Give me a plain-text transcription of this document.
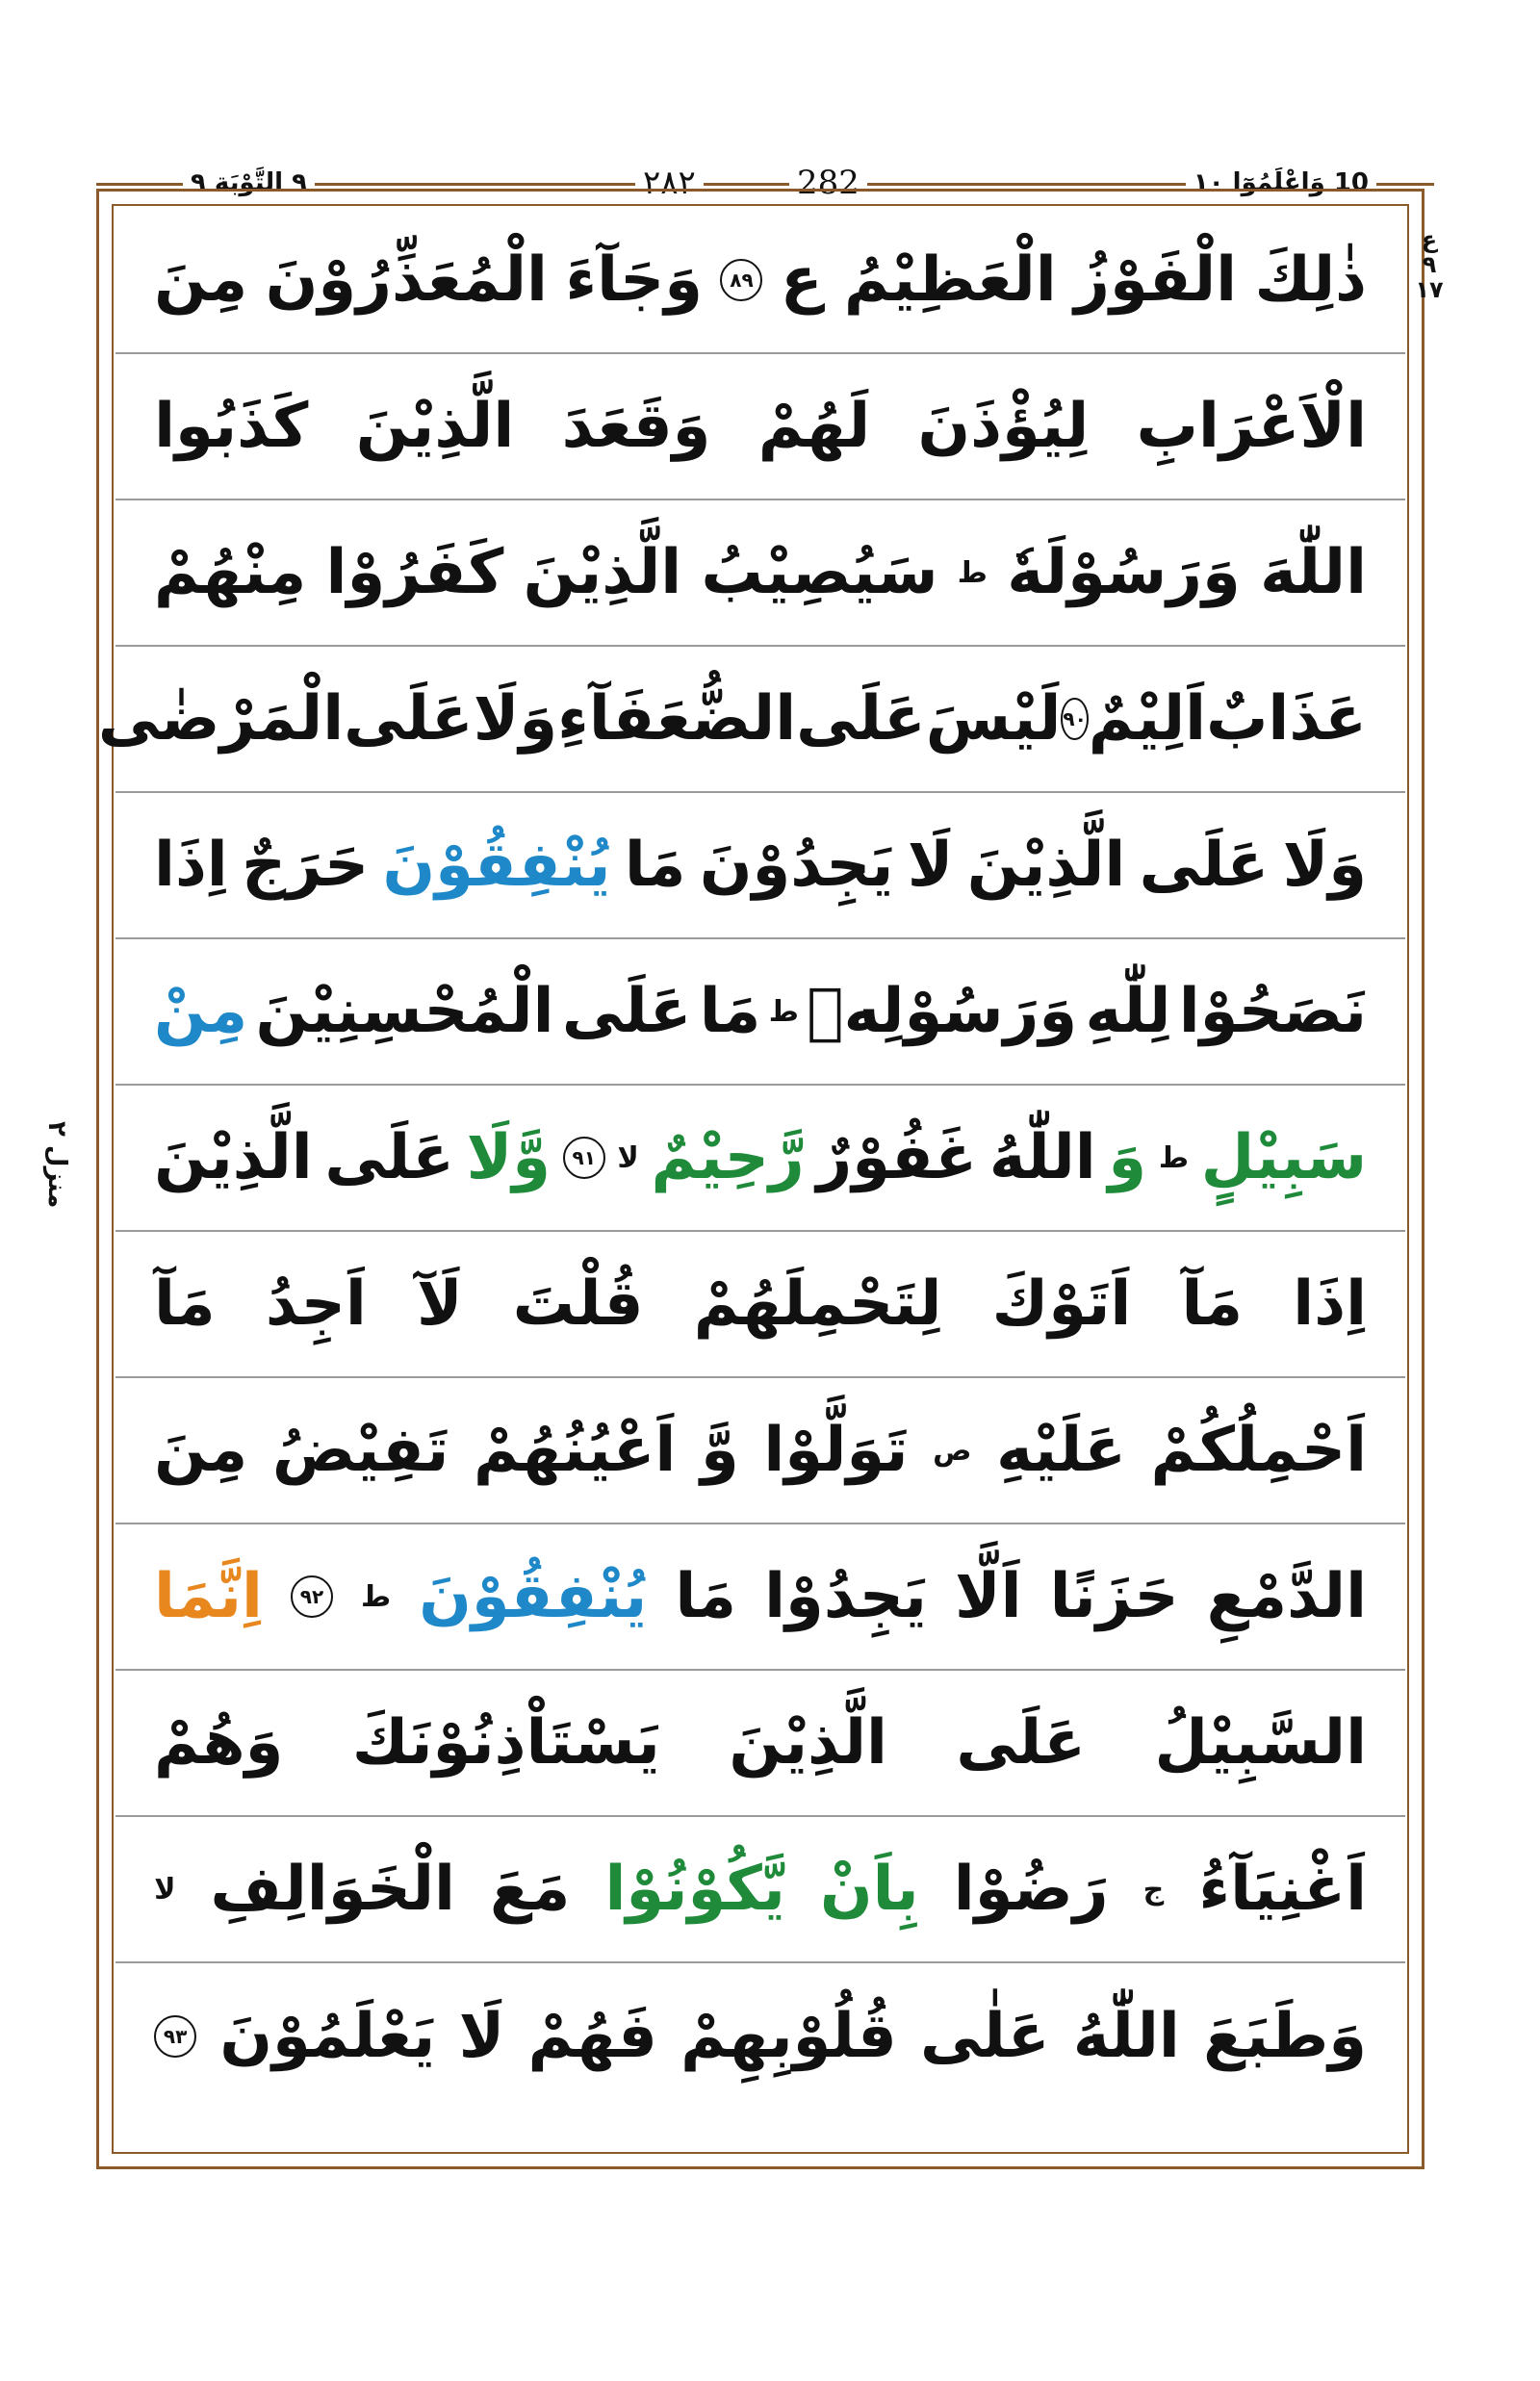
10 وَاعْلَمُوٓا ١٠
282
٢٨٢
٩ التَّوْبَة ٩
ع ٩ ١٧
منزل ٢
ذٰلِكَ
الْفَوْزُ
الْعَظِيْمُ ع
٨٩
وَجَآءَ
الْمُعَذِّرُوْنَ
مِنَ
الْاَعْرَابِ
لِيُؤْذَنَ
لَهُمْ
وَقَعَدَ
الَّذِيْنَ
كَذَبُوا
اللّٰهَ
وَرَسُوْلَهٗ
ط
سَيُصِيْبُ
الَّذِيْنَ
كَفَرُوْا
مِنْهُمْ
عَذَابٌ
اَلِيْمٌ
٩٠
لَيْسَ
عَلَى
الضُّعَفَآءِ
وَلَا
عَلَى
الْمَرْضٰى
وَلَا
عَلَى
الَّذِيْنَ
لَا
يَجِدُوْنَ
مَا
يُنْفِقُوْنَ
حَرَجٌ
اِذَا
نَصَحُوْا
لِلّٰهِ
وَرَسُوْلِهٖ
ط
مَا
عَلَى
الْمُحْسِنِيْنَ
مِنْ
سَبِيْلٍ
ط
وَ
اللّٰهُ
غَفُوْرٌ
رَّحِيْمٌ
لا
٩١
وَّلَا
عَلَى
الَّذِيْنَ
اِذَا
مَآ
اَتَوْكَ
لِتَحْمِلَهُمْ
قُلْتَ
لَآ
اَجِدُ
مَآ
اَحْمِلُكُمْ
عَلَيْهِ
ص
تَوَلَّوْا
وَّ
اَعْيُنُهُمْ
تَفِيْضُ
مِنَ
الدَّمْعِ
حَزَنًا
اَلَّا
يَجِدُوْا
مَا
يُنْفِقُوْنَ
ط
٩٢
اِنَّمَا
السَّبِيْلُ
عَلَى
الَّذِيْنَ
يَسْتَاْذِنُوْنَكَ
وَهُمْ
اَغْنِيَآءُ
ج
رَضُوْا
بِاَنْ
يَّكُوْنُوْا
مَعَ
الْخَوَالِفِ
لا
وَطَبَعَ
اللّٰهُ
عَلٰى
قُلُوْبِهِمْ
فَهُمْ
لَا
يَعْلَمُوْنَ
٩٣
